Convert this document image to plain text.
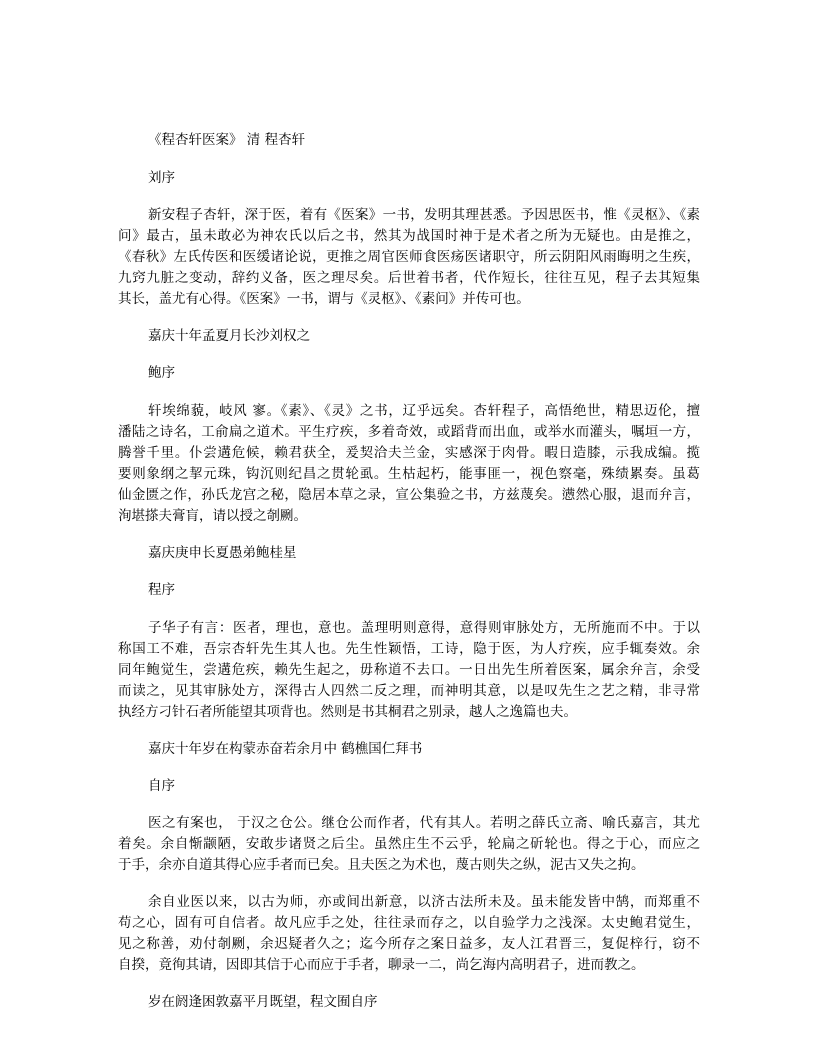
《程杏轩医案》 清 程杏轩
刘序
新安程子杏轩，深于医，着有《医案》一书，发明其理甚悉。予因思医书，惟《灵枢》、《素
问》最古，虽未敢必为神农氏以后之书，然其为战国时神于是术者之所为无疑也。由是推之，
《春秋》左氏传医和医缓诸论说，更推之周官医师食医疡医诸职守，所云阴阳风雨晦明之生疾，
九窍九脏之变动，辞约义备，医之理尽矣。后世着书者，代作短长，往往互见，程子去其短集
其长，盖尤有心得。《医案》一书，谓与《灵枢》、《素问》并传可也。
嘉庆十年孟夏月长沙刘权之
鲍序
轩埃绵藐，岐风 寥。《素》、《灵》之书，辽乎远矣。杏轩程子，高悟绝世，精思迈伦，擅
潘陆之诗名，工俞扁之道术。平生疗疾，多着奇效，或蹈背而出血，或举水而灌头，嘱垣一方，
腾誉千里。仆尝遘危候，赖君获全，爰契洽夫兰金，实感深于肉骨。暇日造膝，示我成编。揽
要则象纲之挈元珠，钩沉则纪昌之贯轮虱。生枯起朽，能事匪一，视色察毫，殊绩累奏。虽葛
仙金匮之作，孙氏龙宫之秘，隐居本草之录，宣公集验之书，方兹蔑矣。懑然心服，退而弁言，
洵堪搽夫膏肓，请以授之剞劂。
嘉庆庚申长夏愚弟鲍桂星
程序
子华子有言：医者，理也，意也。盖理明则意得，意得则审脉处方，无所施而不中。于以
称国工不难，吾宗杏轩先生其人也。先生性颖悟，工诗，隐于医，为人疗疾，应手辄奏效。余
同年鲍觉生，尝遘危疾，赖先生起之，毋称道不去口。一日出先生所着医案，属余弁言，余受
而读之，见其审脉处方，深得古人四然二反之理，而神明其意，以是叹先生之艺之精，非寻常
执经方刁针石者所能望其项背也。然则是书其桐君之别录，越人之逸篇也夫。
嘉庆十年岁在构蒙赤奋若余月中 鹤樵国仁拜书
自序
医之有案也， 于汉之仓公。继仓公而作者，代有其人。若明之薛氏立斋、喻氏嘉言，其尤
着矣。余自惭颛陋，安敢步诸贤之后尘。虽然庄生不云乎，轮扁之斫轮也。得之于心，而应之
于手，余亦自道其得心应手者而已矣。且夫医之为术也，蔑古则失之纵，泥古又失之拘。
余自业医以来，以古为师，亦或间出新意，以济古法所未及。虽未能发皆中鹄，而郑重不
苟之心，固有可自信者。故凡应手之处，往往录而存之，以自验学力之浅深。太史鲍君觉生，
见之称善，劝付剞劂，余迟疑者久之；迄今所存之案日益多，友人江君晋三，复促梓行，窃不
自揆，竟徇其请，因即其信于心而应于手者，聊录一二，尚乞海内高明君子，进而教之。
岁在阏逢困敦嘉平月既望，程文囿自序
